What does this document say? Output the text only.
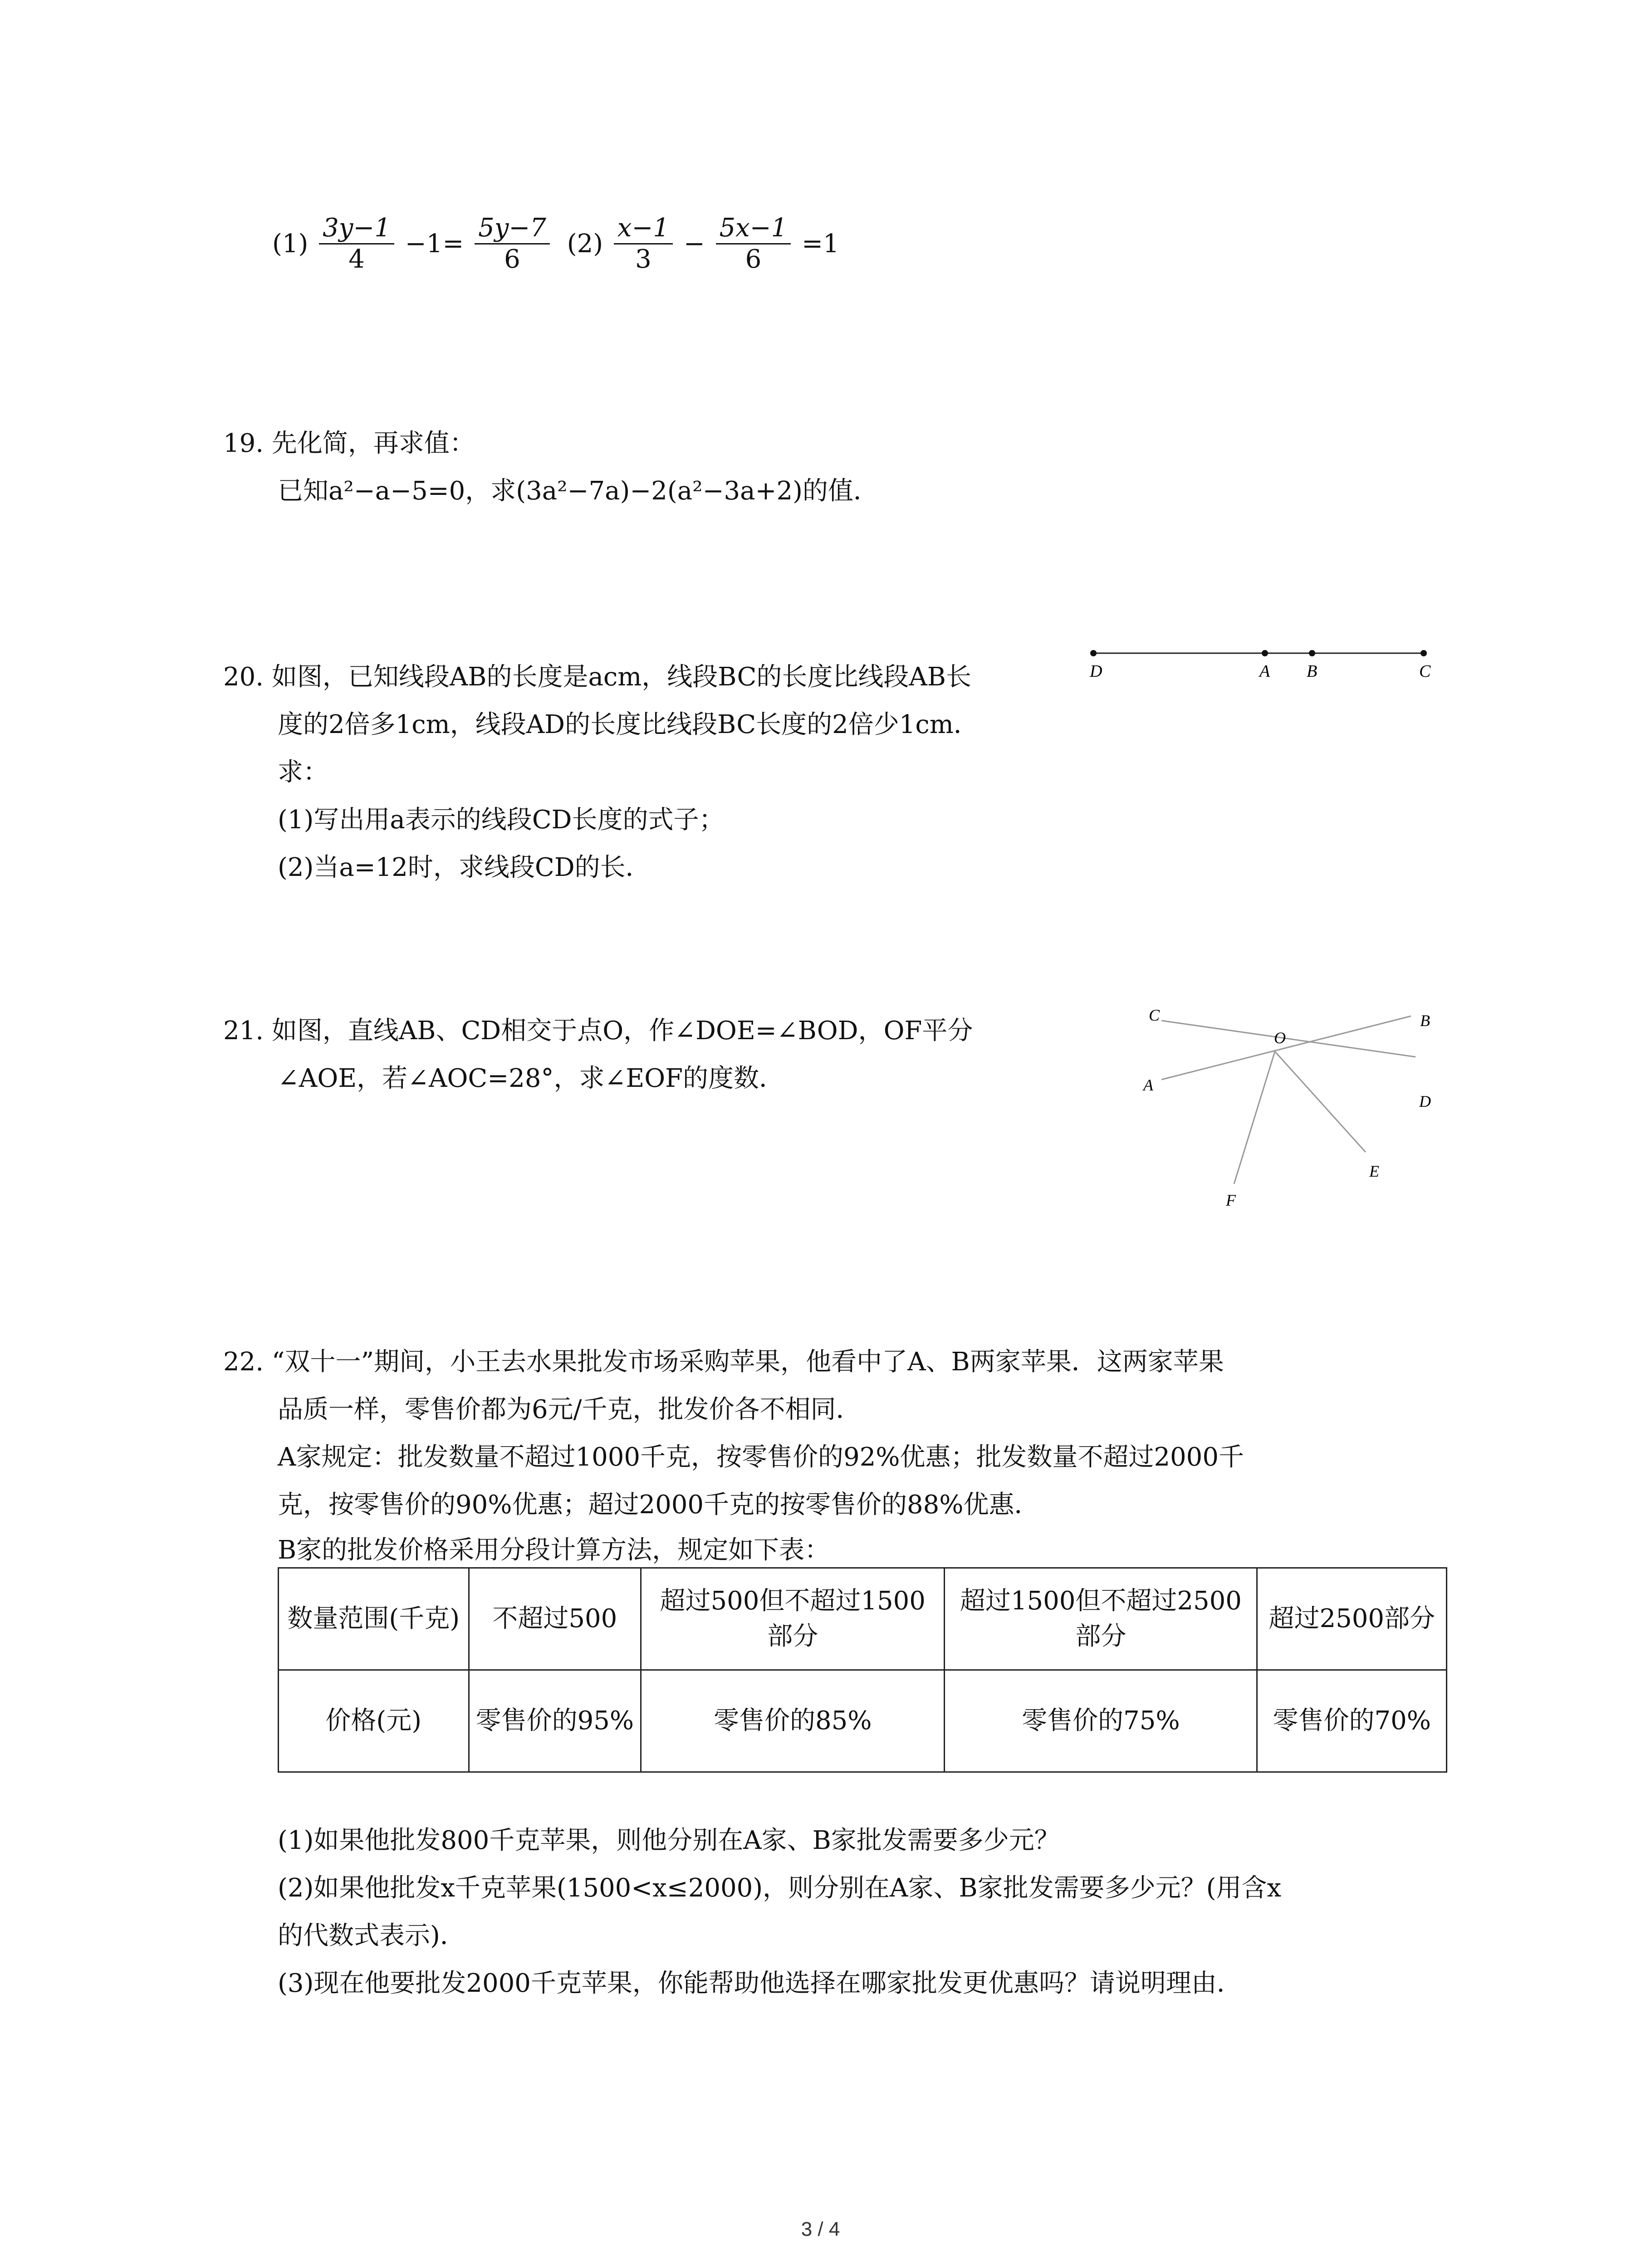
$(1) \frac{3y-1}{4} -1= \frac{5y-7}{6} (2) \frac{x-1}{3} - \frac{5x-1}{6} =1$
19. 先化简，再求值：
已知a²−a−5=0，求(3a²−7a)−2(a²−3a+2)的值．
20. 如图，已知线段AB的长度是acm，线段BC的长度比线段AB长
度的2倍多1cm，线段AD的长度比线段BC长度的2倍少1cm．
求：
(1)写出用a表示的线段CD长度的式子；
(2)当a=12时，求线段CD的长．
D	A B	C
21. 如图，直线AB、CD相交于点O，作∠DOE=∠BOD，OF平分
∠AOE，若∠AOC=28°，求∠EOF的度数．
C
O
B
A
D
E
F
22. “双十一”期间，小王去水果批发市场采购苹果，他看中了A、B两家苹果．这两家苹果
品质一样，零售价都为6元/千克，批发价各不相同．
A家规定：批发数量不超过1000千克，按零售价的92%优惠；批发数量不超过2000千
克，按零售价的90%优惠；超过2000千克的按零售价的88%优惠．
B家的批发价格采用分段计算方法，规定如下表：
数量范围(千克)	不超过500	超过500但不超过1500部分	超过1500但不超过2500部分	超过2500部分
价格(元)	零售价的95%	零售价的85%	零售价的75%	零售价的70%
(1)如果他批发800千克苹果，则他分别在A家、B家批发需要多少元？
(2)如果他批发x千克苹果(1500<x≤2000)，则分别在A家、B家批发需要多少元？(用含x
的代数式表示)．
(3)现在他要批发2000千克苹果，你能帮助他选择在哪家批发更优惠吗？请说明理由．
3 / 4
